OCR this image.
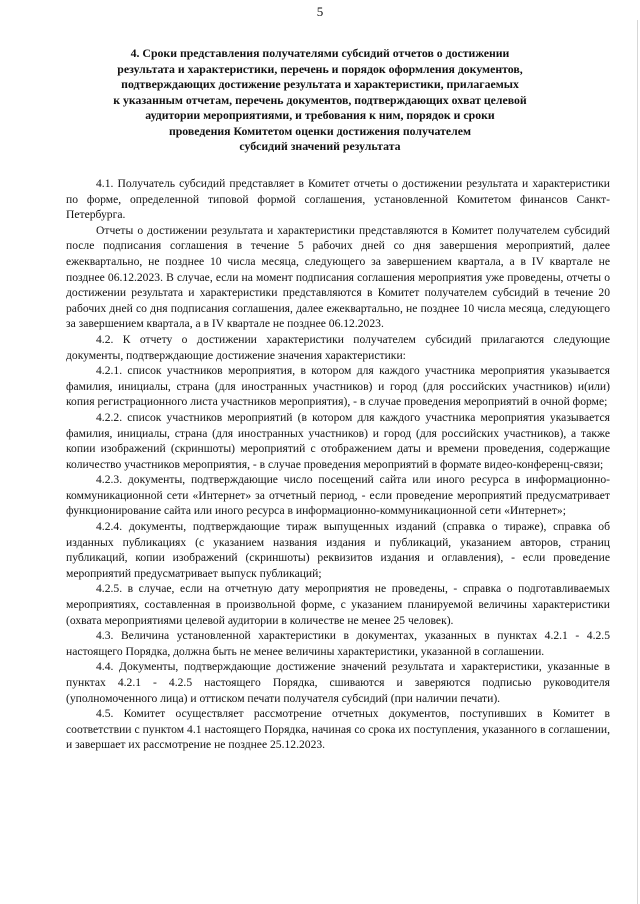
5
4. Сроки представления получателями субсидий отчетов о достижении
результата и характеристики, перечень и порядок оформления документов,
подтверждающих достижение результата и характеристики, прилагаемых
к указанным отчетам, перечень документов, подтверждающих охват целевой
аудитории мероприятиями, и требования к ним, порядок и сроки
проведения Комитетом оценки достижения получателем
субсидий значений результата

4.1. Получатель субсидий представляет в Комитет отчеты о достижении результата и характеристики по форме, определенной типовой формой соглашения, установленной Комитетом финансов Санкт-Петербурга.

Отчеты о достижении результата и характеристики представляются в Комитет получателем субсидий после подписания соглашения в течение 5 рабочих дней со дня завершения мероприятий, далее ежеквартально, не позднее 10 числа месяца, следующего за завершением квартала, а в IV квартале не позднее 06.12.2023. В случае, если на момент подписания соглашения мероприятия уже проведены, отчеты о достижении результата и характеристики представляются в Комитет получателем субсидий в течение 20 рабочих дней со дня подписания соглашения, далее ежеквартально, не позднее 10 числа месяца, следующего за завершением квартала, а в IV квартале не позднее 06.12.2023.

4.2. К отчету о достижении характеристики получателем субсидий прилагаются следующие документы, подтверждающие достижение значения характеристики:

4.2.1. список участников мероприятия, в котором для каждого участника мероприятия указывается фамилия, инициалы, страна (для иностранных участников) и город (для российских участников) и(или) копия регистрационного листа участников мероприятия), - в случае проведения мероприятий в очной форме;

4.2.2. список участников мероприятий (в котором для каждого участника мероприятия указывается фамилия, инициалы, страна (для иностранных участников) и город (для российских участников), а также копии изображений (скриншоты) мероприятий с отображением даты и времени проведения, содержащие количество участников мероприятия, - в случае проведения мероприятий в формате видео-конференц-связи;

4.2.3. документы, подтверждающие число посещений сайта или иного ресурса в информационно-коммуникационной сети «Интернет» за отчетный период, - если проведение мероприятий предусматривает функционирование сайта или иного ресурса в информационно-коммуникационной сети «Интернет»;

4.2.4. документы, подтверждающие тираж выпущенных изданий (справка о тираже), справка об изданных публикациях (с указанием названия издания и публикаций, указанием авторов, страниц публикаций, копии изображений (скриншоты) реквизитов издания и оглавления), - если проведение мероприятий предусматривает выпуск публикаций;

4.2.5. в случае, если на отчетную дату мероприятия не проведены, - справка о подготавливаемых мероприятиях, составленная в произвольной форме, с указанием планируемой величины характеристики (охвата мероприятиями целевой аудитории в количестве не менее 25 человек).

4.3. Величина установленной характеристики в документах, указанных в пунктах 4.2.1 - 4.2.5 настоящего Порядка, должна быть не менее величины характеристики, указанной в соглашении.

4.4. Документы, подтверждающие достижение значений результата и характеристики, указанные в пунктах 4.2.1 - 4.2.5 настоящего Порядка, сшиваются и заверяются подписью руководителя (уполномоченного лица) и оттиском печати получателя субсидий (при наличии печати).

4.5. Комитет осуществляет рассмотрение отчетных документов, поступивших в Комитет в соответствии с пунктом 4.1 настоящего Порядка, начиная со срока их поступления, указанного в соглашении, и завершает их рассмотрение не позднее 25.12.2023.
